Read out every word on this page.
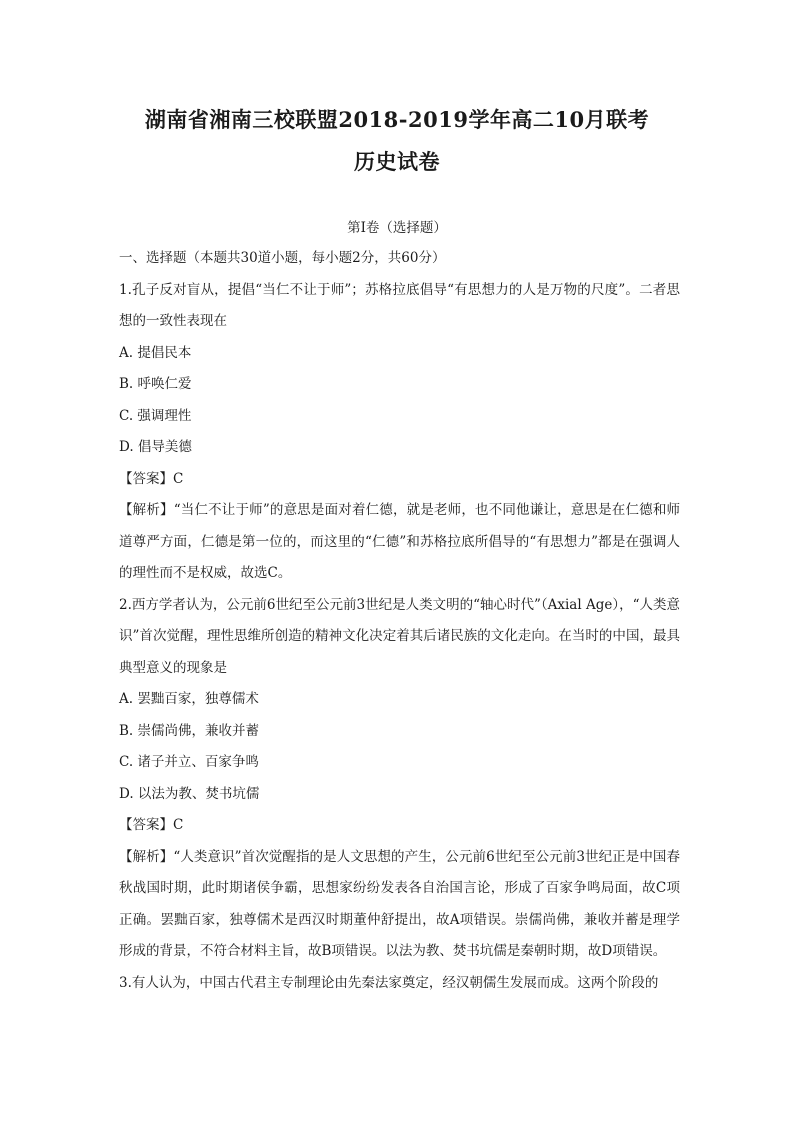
湖南省湘南三校联盟2018-2019学年高二10月联考
历史试卷
第Ⅰ卷（选择题）

一、选择题（本题共30道小题，每小题2分，共60分）

1.孔子反对盲从，提倡“当仁不让于师”；苏格拉底倡导“有思想力的人是万物的尺度”。二者思想的一致性表现在

A. 提倡民本

B. 呼唤仁爱

C. 强调理性

D. 倡导美德

【答案】C

【解析】“当仁不让于师”的意思是面对着仁德，就是老师，也不同他谦让，意思是在仁德和师道尊严方面，仁德是第一位的，而这里的“仁德”和苏格拉底所倡导的“有思想力”都是在强调人的理性而不是权威，故选C。

2.西方学者认为，公元前6世纪至公元前3世纪是人类文明的“轴心时代”（Axial Age），“人类意识”首次觉醒，理性思维所创造的精神文化决定着其后诸民族的文化走向。在当时的中国，最具典型意义的现象是

A. 罢黜百家，独尊儒术

B. 崇儒尚佛，兼收并蓄

C. 诸子并立、百家争鸣

D. 以法为教、焚书坑儒

【答案】C

【解析】“人类意识”首次觉醒指的是人文思想的产生，公元前6世纪至公元前3世纪正是中国春秋战国时期，此时期诸侯争霸，思想家纷纷发表各自治国言论，形成了百家争鸣局面，故C项正确。罢黜百家，独尊儒术是西汉时期董仲舒提出，故A项错误。崇儒尚佛，兼收并蓄是理学形成的背景，不符合材料主旨，故B项错误。以法为教、焚书坑儒是秦朝时期，故D项错误。

3.有人认为，中国古代君主专制理论由先秦法家奠定，经汉朝儒生发展而成。这两个阶段的
